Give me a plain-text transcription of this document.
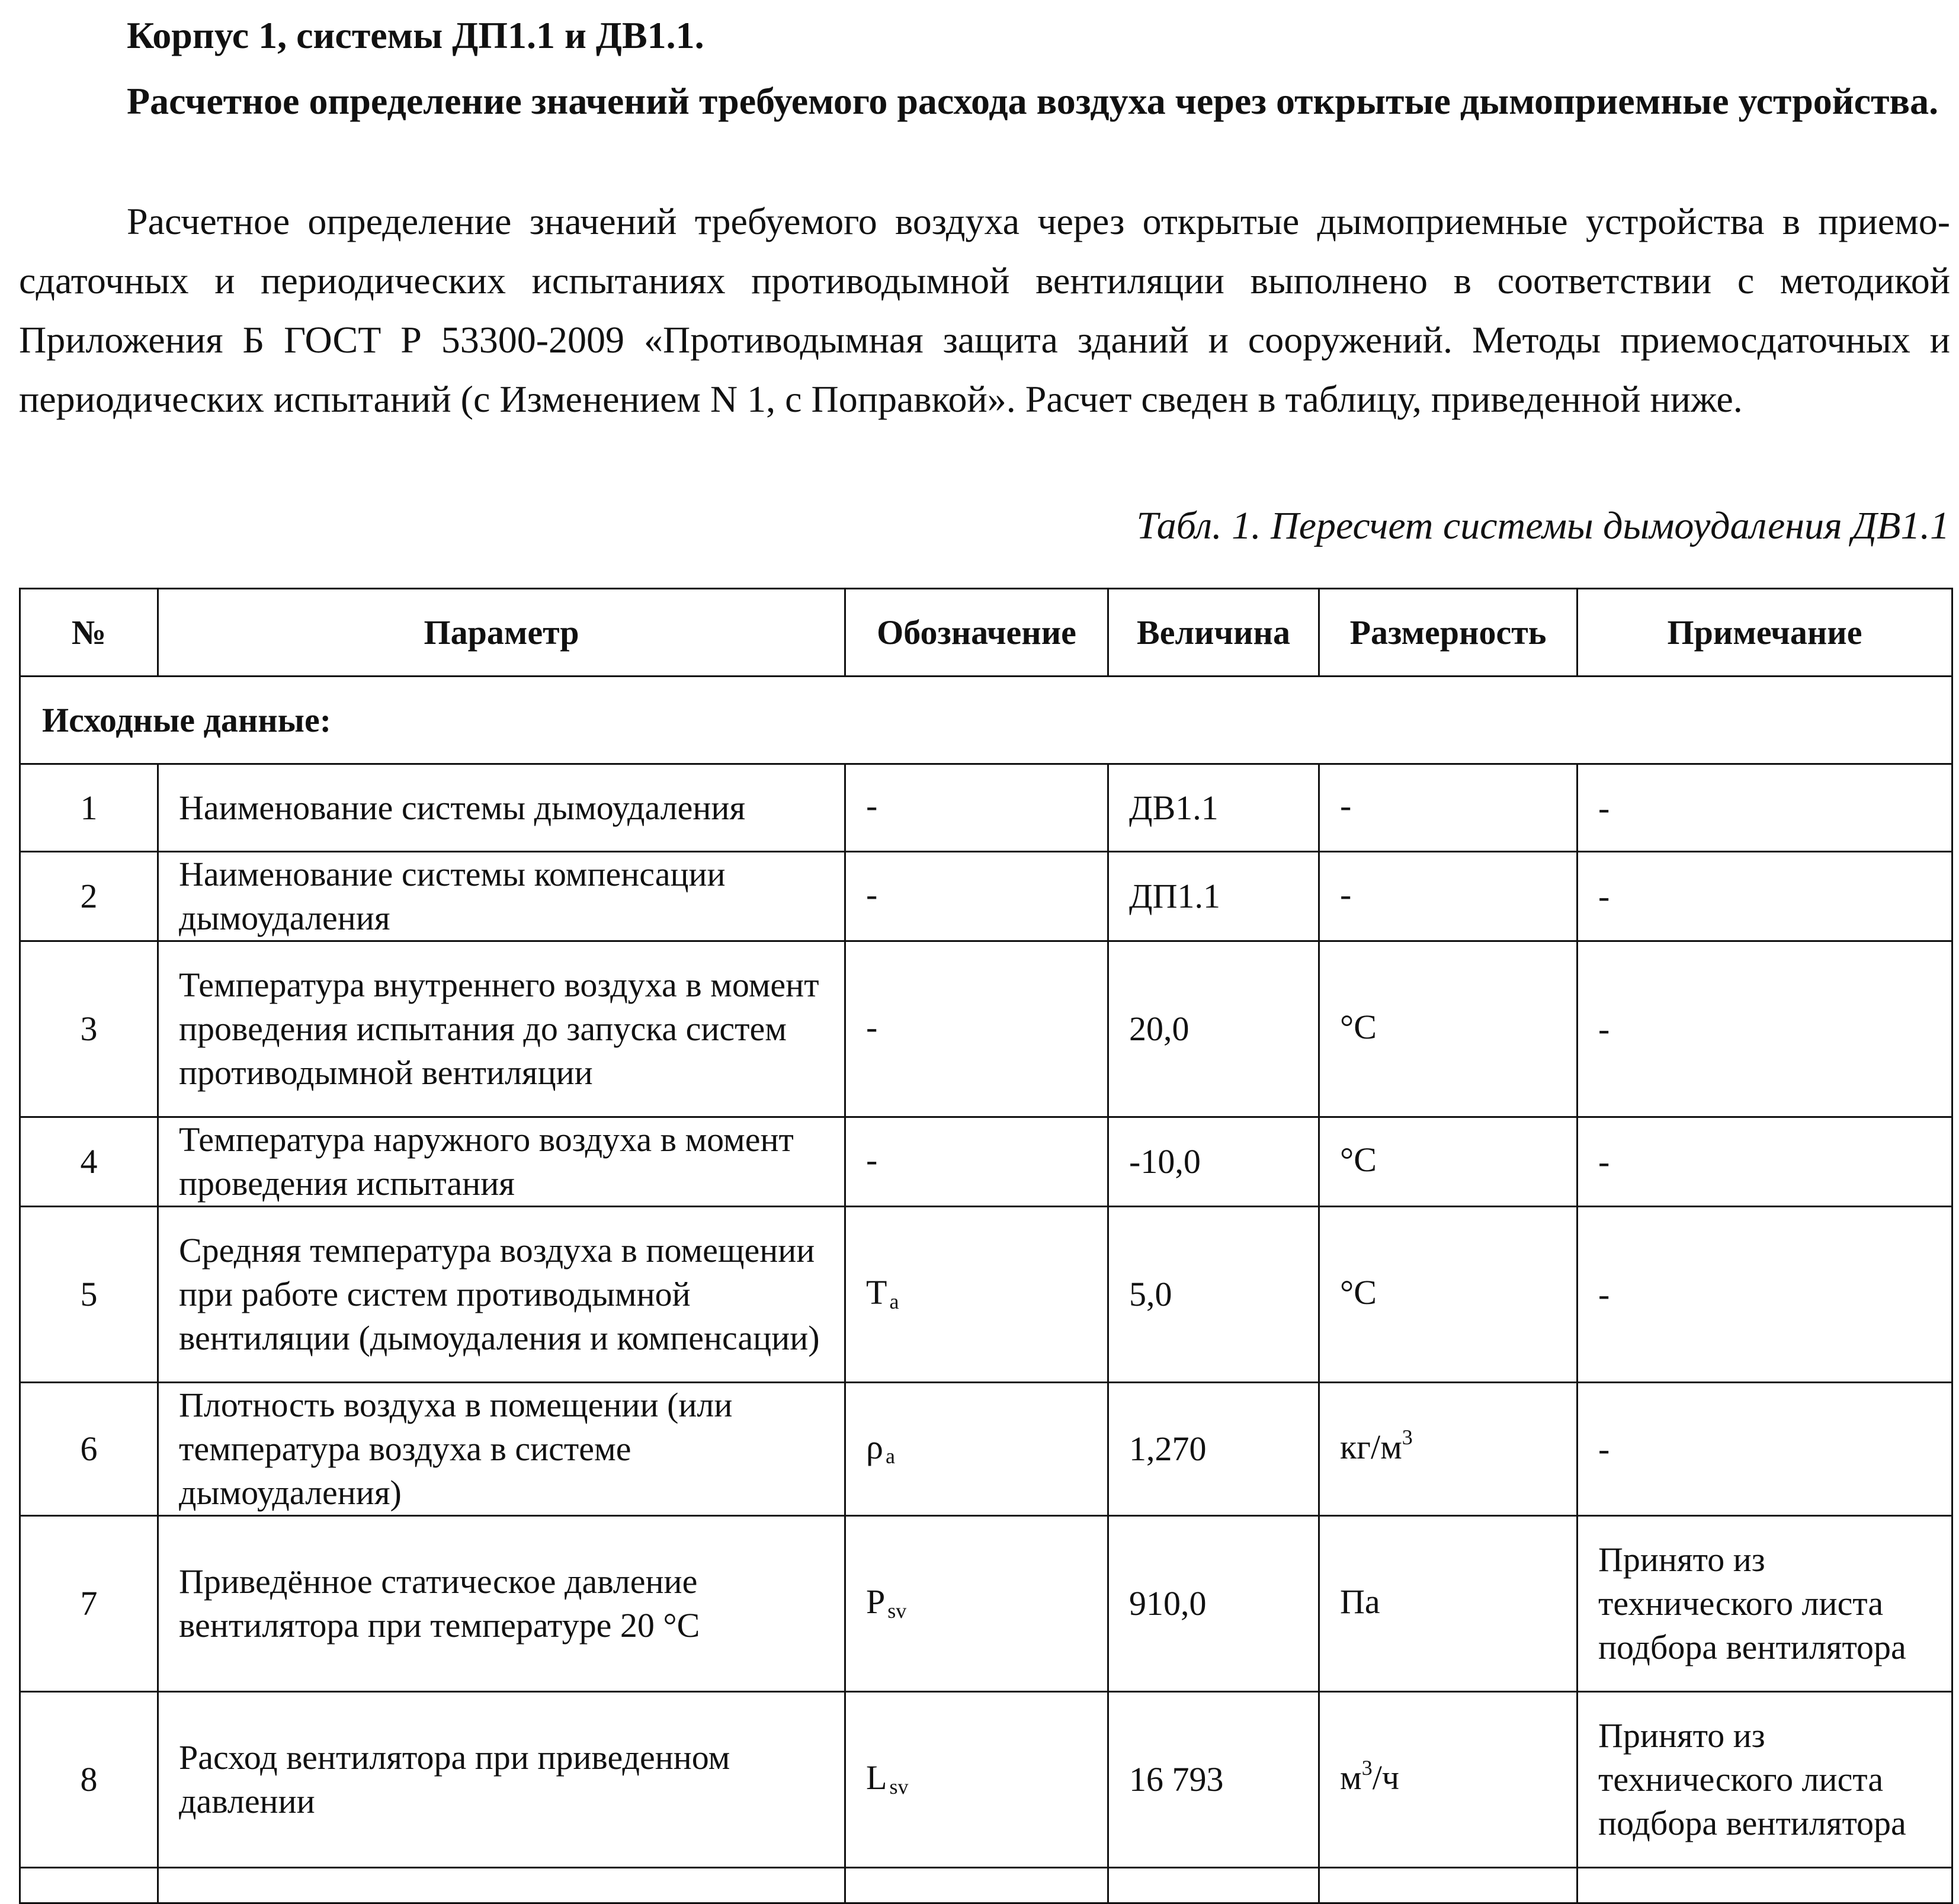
Корпус 1, системы ДП1.1 и ДВ1.1.

Расчетное определение значений требуемого расхода воздуха через открытые дымоприемные устройства.

Расчетное определение значений требуемого воздуха через открытые дымоприемные устройства в приемо-сдаточных и периодических испытаниях противодымной вентиляции выполнено в соответствии с методикой Приложения Б ГОСТ Р 53300-2009 «Противодымная защита зданий и сооружений. Методы приемосдаточных и периодических испытаний (с Изменением N 1, с Поправкой». Расчет сведен в таблицу, приведенной ниже.

Табл. 1. Пересчет системы дымоудаления ДВ1.1

№	Параметр	Обозначение	Величина	Размерность	Примечание
Исходные данные:					
1	Наименование системы дымоудаления	-	ДВ1.1	-	-
2	Наименование системы компенсации дымоудаления	-	ДП1.1	-	-
3	Температура внутреннего воздуха в момент проведения испытания до запуска систем противодымной вентиляции	-	20,0	°С	-
4	Температура наружного воздуха в момент проведения испытания	-	-10,0	°С	-
5	Средняя температура воздуха в помещении при работе систем противодымной вентиляции (дымоудаления и компенсации)	T $_a$	5,0	°С	-
6	Плотность воздуха в помещении (или температура воздуха в системе дымоудаления)	ρ $_a$	1,270	$кг/м^3$	-
7	Приведённое статическое давление вентилятора при температуре 20 °С	P $_{sv}$	910,0	Па	Принято из технического листа подбора вентилятора
8	Расход вентилятора при приведенном давлении	L $_{sv}$	16 793	$м^3/ч$	Принято из технического листа подбора вентилятора
